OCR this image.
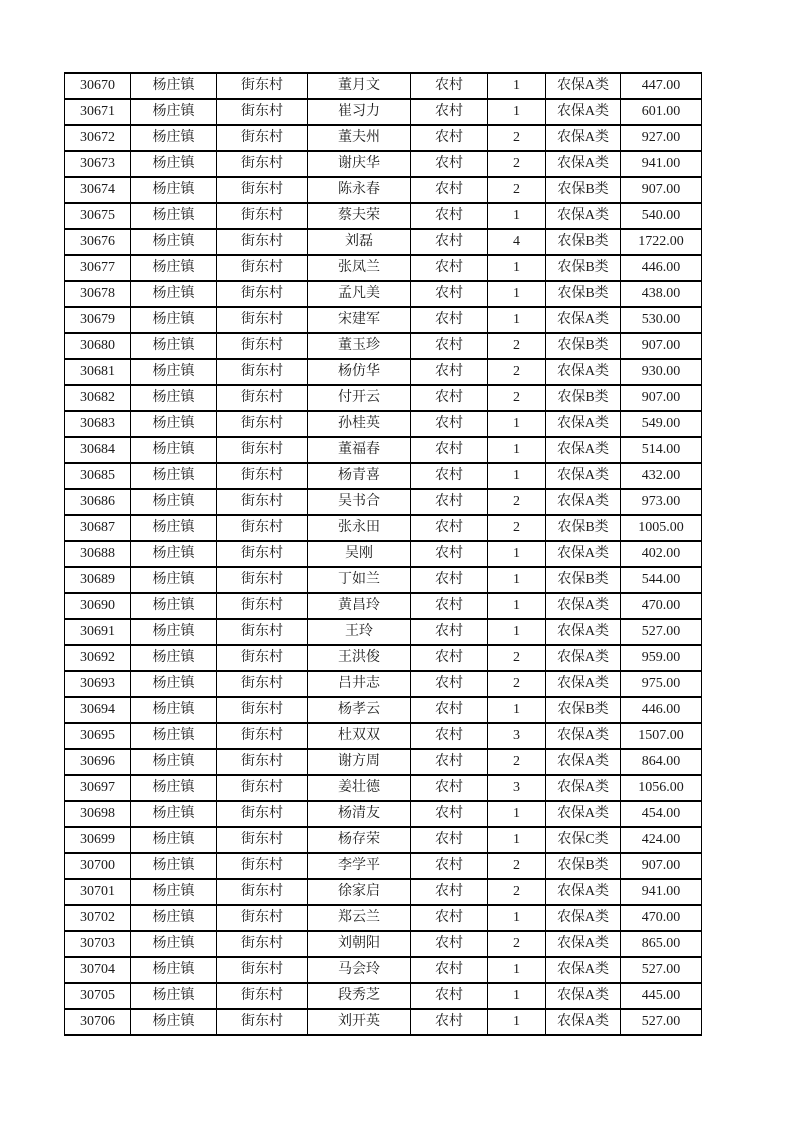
30670	杨庄镇	街东村	董月文	农村	1	农保A类	447.00
30671	杨庄镇	街东村	崔习力	农村	1	农保A类	601.00
30672	杨庄镇	街东村	董夫州	农村	2	农保A类	927.00
30673	杨庄镇	街东村	谢庆华	农村	2	农保A类	941.00
30674	杨庄镇	街东村	陈永春	农村	2	农保B类	907.00
30675	杨庄镇	街东村	蔡夫荣	农村	1	农保A类	540.00
30676	杨庄镇	街东村	刘磊	农村	4	农保B类	1722.00
30677	杨庄镇	街东村	张凤兰	农村	1	农保B类	446.00
30678	杨庄镇	街东村	孟凡美	农村	1	农保B类	438.00
30679	杨庄镇	街东村	宋建军	农村	1	农保A类	530.00
30680	杨庄镇	街东村	董玉珍	农村	2	农保B类	907.00
30681	杨庄镇	街东村	杨仿华	农村	2	农保A类	930.00
30682	杨庄镇	街东村	付开云	农村	2	农保B类	907.00
30683	杨庄镇	街东村	孙桂英	农村	1	农保A类	549.00
30684	杨庄镇	街东村	董福春	农村	1	农保A类	514.00
30685	杨庄镇	街东村	杨青喜	农村	1	农保A类	432.00
30686	杨庄镇	街东村	吴书合	农村	2	农保A类	973.00
30687	杨庄镇	街东村	张永田	农村	2	农保B类	1005.00
30688	杨庄镇	街东村	吴刚	农村	1	农保A类	402.00
30689	杨庄镇	街东村	丁如兰	农村	1	农保B类	544.00
30690	杨庄镇	街东村	黄昌玲	农村	1	农保A类	470.00
30691	杨庄镇	街东村	王玲	农村	1	农保A类	527.00
30692	杨庄镇	街东村	王洪俊	农村	2	农保A类	959.00
30693	杨庄镇	街东村	吕井志	农村	2	农保A类	975.00
30694	杨庄镇	街东村	杨孝云	农村	1	农保B类	446.00
30695	杨庄镇	街东村	杜双双	农村	3	农保A类	1507.00
30696	杨庄镇	街东村	谢方周	农村	2	农保A类	864.00
30697	杨庄镇	街东村	姜壮德	农村	3	农保A类	1056.00
30698	杨庄镇	街东村	杨清友	农村	1	农保A类	454.00
30699	杨庄镇	街东村	杨存荣	农村	1	农保C类	424.00
30700	杨庄镇	街东村	李学平	农村	2	农保B类	907.00
30701	杨庄镇	街东村	徐家启	农村	2	农保A类	941.00
30702	杨庄镇	街东村	郑云兰	农村	1	农保A类	470.00
30703	杨庄镇	街东村	刘朝阳	农村	2	农保A类	865.00
30704	杨庄镇	街东村	马会玲	农村	1	农保A类	527.00
30705	杨庄镇	街东村	段秀芝	农村	1	农保A类	445.00
30706	杨庄镇	街东村	刘开英	农村	1	农保A类	527.00
